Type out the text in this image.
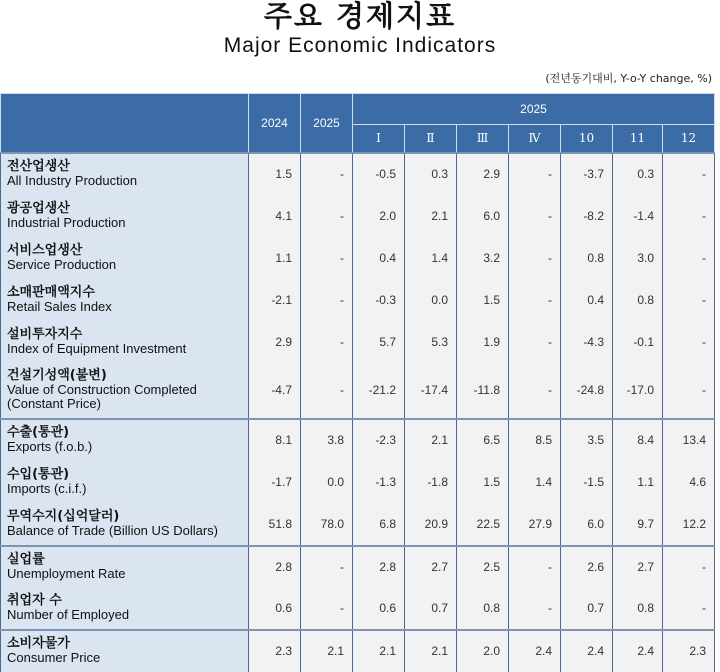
주요 경제지표
Major Economic Indicators
(전년동기대비, Y-o-Y change, %)
	2024	2025	2025						
			Ⅰ	Ⅱ	Ⅲ	Ⅳ	10	11	12

전산업생산
All Industry Production	1.5	-	-0.5	0.3	2.9	-	-3.7	0.3	-

광공업생산
Industrial Production	4.1	-	2.0	2.1	6.0	-	-8.2	-1.4	-

서비스업생산
Service Production	1.1	-	0.4	1.4	3.2	-	0.8	3.0	-

소매판매액지수
Retail Sales Index	-2.1	-	-0.3	0.0	1.5	-	0.4	0.8	-

설비투자지수
Index of Equipment Investment	2.9	-	5.7	5.3	1.9	-	-4.3	-0.1	-

건설기성액(불변)
Value of Construction Completed
(Constant Price)	-4.7	-	-21.2	-17.4	-11.8	-	-24.8	-17.0	-

수출(통관)
Exports (f.o.b.)	8.1	3.8	-2.3	2.1	6.5	8.5	3.5	8.4	13.4

수입(통관)
Imports (c.i.f.)	-1.7	0.0	-1.3	-1.8	1.5	1.4	-1.5	1.1	4.6

무역수지(십억달러)
Balance of Trade (Billion US Dollars)	51.8	78.0	6.8	20.9	22.5	27.9	6.0	9.7	12.2

실업률
Unemployment Rate	2.8	-	2.8	2.7	2.5	-	2.6	2.7	-

취업자 수
Number of Employed	0.6	-	0.6	0.7	0.8	-	0.7	0.8	-

소비자물가
Consumer Price	2.3	2.1	2.1	2.1	2.0	2.4	2.4	2.4	2.3
